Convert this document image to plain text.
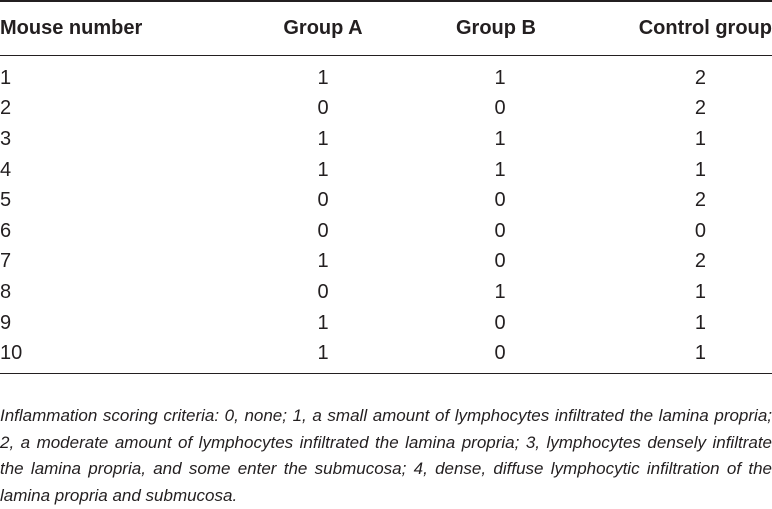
Mouse number	Group A	Group B	Control group
1	1	1	2
2	0	0	2
3	1	1	1
4	1	1	1
5	0	0	2
6	0	0	0
7	1	0	2
8	0	1	1
9	1	0	1
10	1	0	1

Inflammation scoring criteria: 0, none; 1, a small amount of lymphocytes infiltrated the lamina propria; 2, a moderate amount of lymphocytes infiltrated the lamina propria; 3, lymphocytes densely infiltrate the lamina propria, and some enter the submucosa; 4, dense, diffuse lymphocytic infiltration of the lamina propria and submucosa.
